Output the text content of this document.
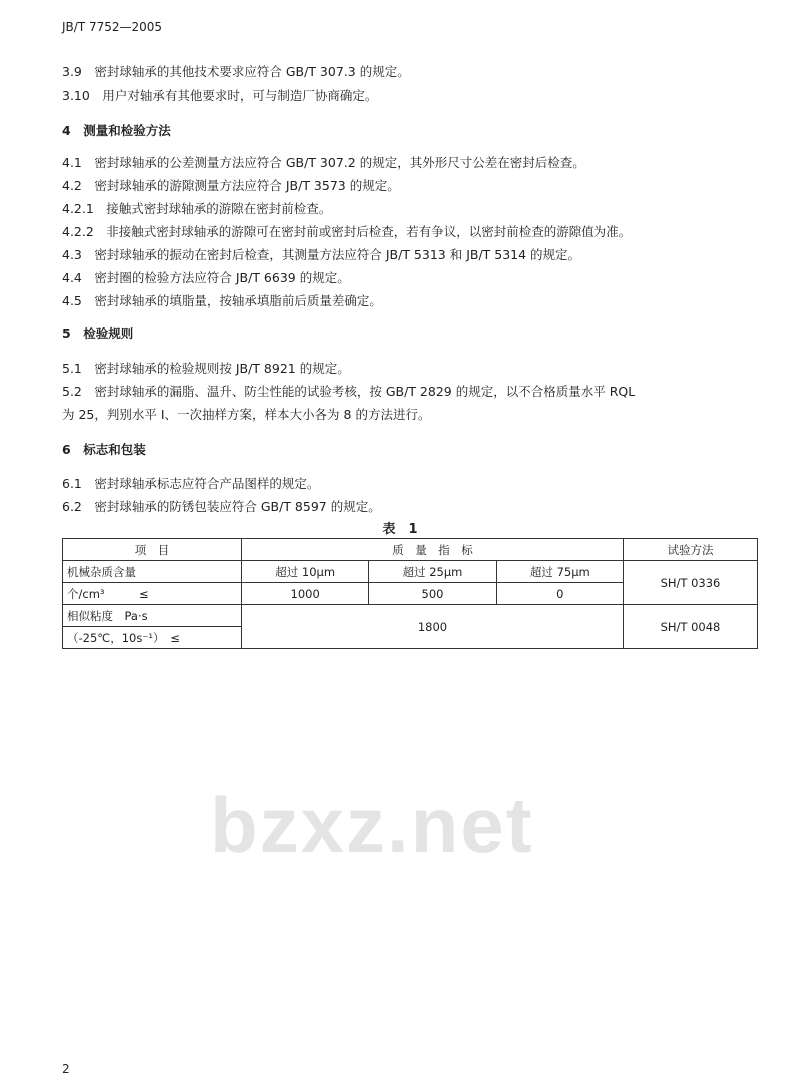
bzxz.net
JB/T 7752—2005
3.9　密封球轴承的其他技术要求应符合 GB/T 307.3 的规定。
3.10　用户对轴承有其他要求时，可与制造厂协商确定。
4　测量和检验方法
4.1　密封球轴承的公差测量方法应符合 GB/T 307.2 的规定，其外形尺寸公差在密封后检查。
4.2　密封球轴承的游隙测量方法应符合 JB/T 3573 的规定。
4.2.1　接触式密封球轴承的游隙在密封前检查。
4.2.2　非接触式密封球轴承的游隙可在密封前或密封后检查，若有争议，以密封前检查的游隙值为准。
4.3　密封球轴承的振动在密封后检查，其测量方法应符合 JB/T 5313 和 JB/T 5314 的规定。
4.4　密封圈的检验方法应符合 JB/T 6639 的规定。
4.5　密封球轴承的填脂量，按轴承填脂前后质量差确定。
5　检验规则
5.1　密封球轴承的检验规则按 JB/T 8921 的规定。
5.2　密封球轴承的漏脂、温升、防尘性能的试验考核，按 GB/T 2829 的规定，以不合格质量水平 RQL
为 25，判别水平 I、一次抽样方案，样本大小各为 8 的方法进行。
6　标志和包装
6.1　密封球轴承标志应符合产品图样的规定。
6.2　密封球轴承的防锈包装应符合 GB/T 8597 的规定。
表　1
项　目	质　量　指　标			试验方法
机械杂质含量	超过 10μm	超过 25μm	超过 75μm	SH/T 0336
个/cm³　　　≤	1000	500	0	
相似粘度　Pa·s	1800			SH/T 0048
（-25℃，10s⁻¹）　≤				
2
